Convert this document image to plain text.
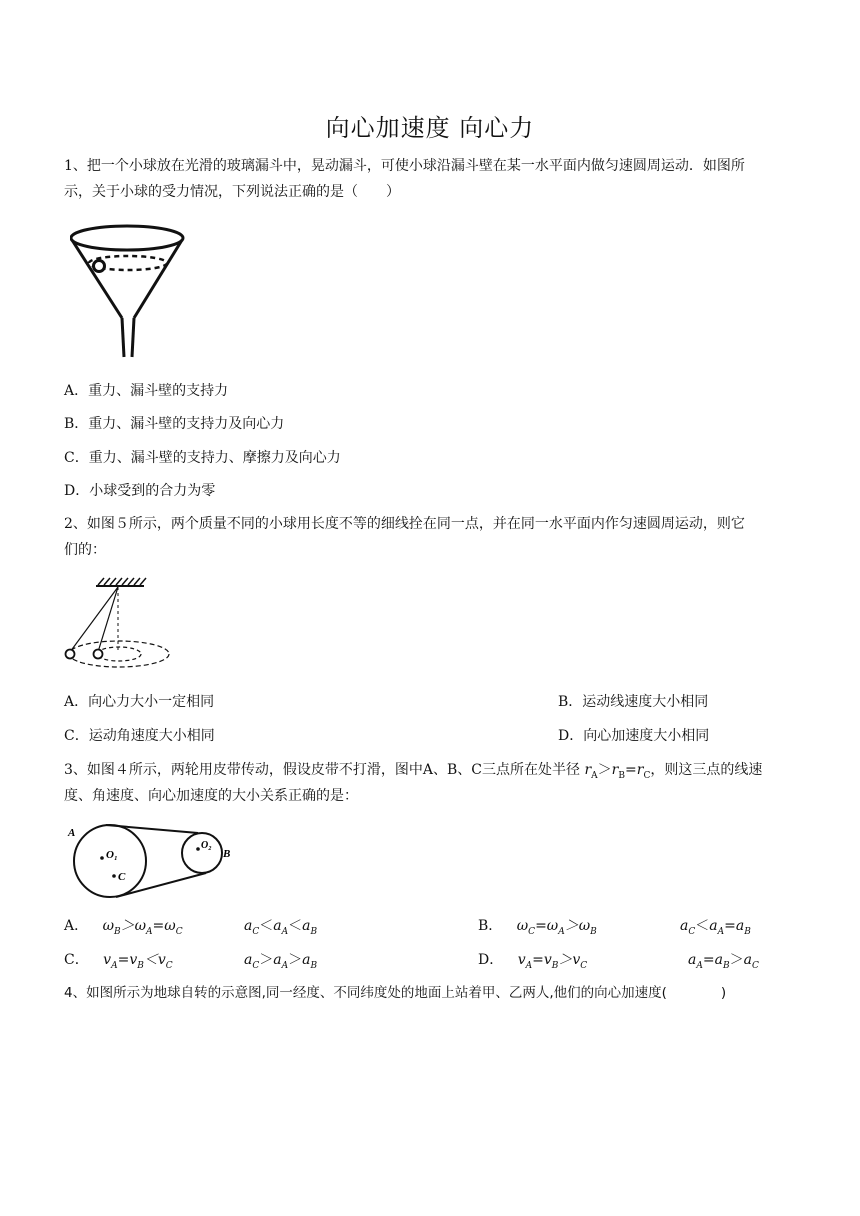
向心加速度 向心力
1、把一个小球放在光滑的玻璃漏斗中，晃动漏斗，可使小球沿漏斗壁在某一水平面内做匀速圆周运动．如图所
示，关于小球的受力情况，下列说法正确的是（　　）
A．重力、漏斗壁的支持力
B．重力、漏斗壁的支持力及向心力
C．重力、漏斗壁的支持力、摩擦力及向心力
D．小球受到的合力为零
2、如图５所示，两个质量不同的小球用长度不等的细线拴在同一点，并在同一水平面内作匀速圆周运动，则它
们的：
A．向心力大小一定相同	B．运动线速度大小相同
C．运动角速度大小相同	D．向心加速度大小相同
3、如图４所示，两轮用皮带传动，假设皮带不打滑，图中A、B、C三点所在处半径 $r_A>r_B=r_C$，则这三点的线速
度、角速度、向心加速度的大小关系正确的是：
A
O₁
C
O₂
B
A． $\omega_B>\omega_A=\omega_C$	$a_C<a_A<a_B$	B． $\omega_C=\omega_A>\omega_B$	$a_C<a_A=a_B$
C． $v_A=v_B<v_C$	$a_C>a_A>a_B$	D． $v_A=v_B>v_C$	$a_A=a_B>a_C$
4、如图所示为地球自转的示意图,同一经度、不同纬度处的地面上站着甲、乙两人,他们的向心加速度(　　　　)
